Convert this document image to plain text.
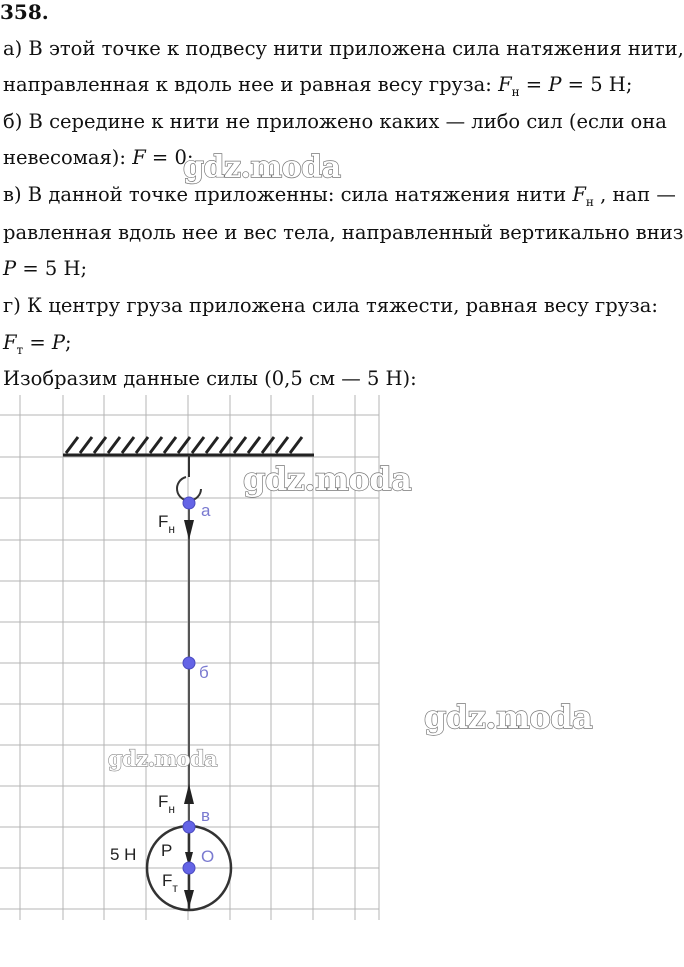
358.
а) В этой точке к подвесу нити приложена сила натяжения нити,
направленная к вдоль нее и равная весу груза: $F_н = P = 5$ Н;
б) В середине к нити не приложено каких — либо сил (если она
невесомая): F = 0;
в) В данной точке приложенны: сила натяжения нити $F_н$ , нап —
равленная вдоль нее и вес тела, направленный вертикально вниз
P = 5 Н;
г) К центру груза приложена сила тяжести, равная весу груза:
$F_т = P$;
Изобразим данные силы (0,5 см — 5 Н):
а
б
в
О
$F_н$
$F_н$
P
$F_т$
5 Н
gdz.moda
gdz.moda
gdz.moda
gdz.moda
